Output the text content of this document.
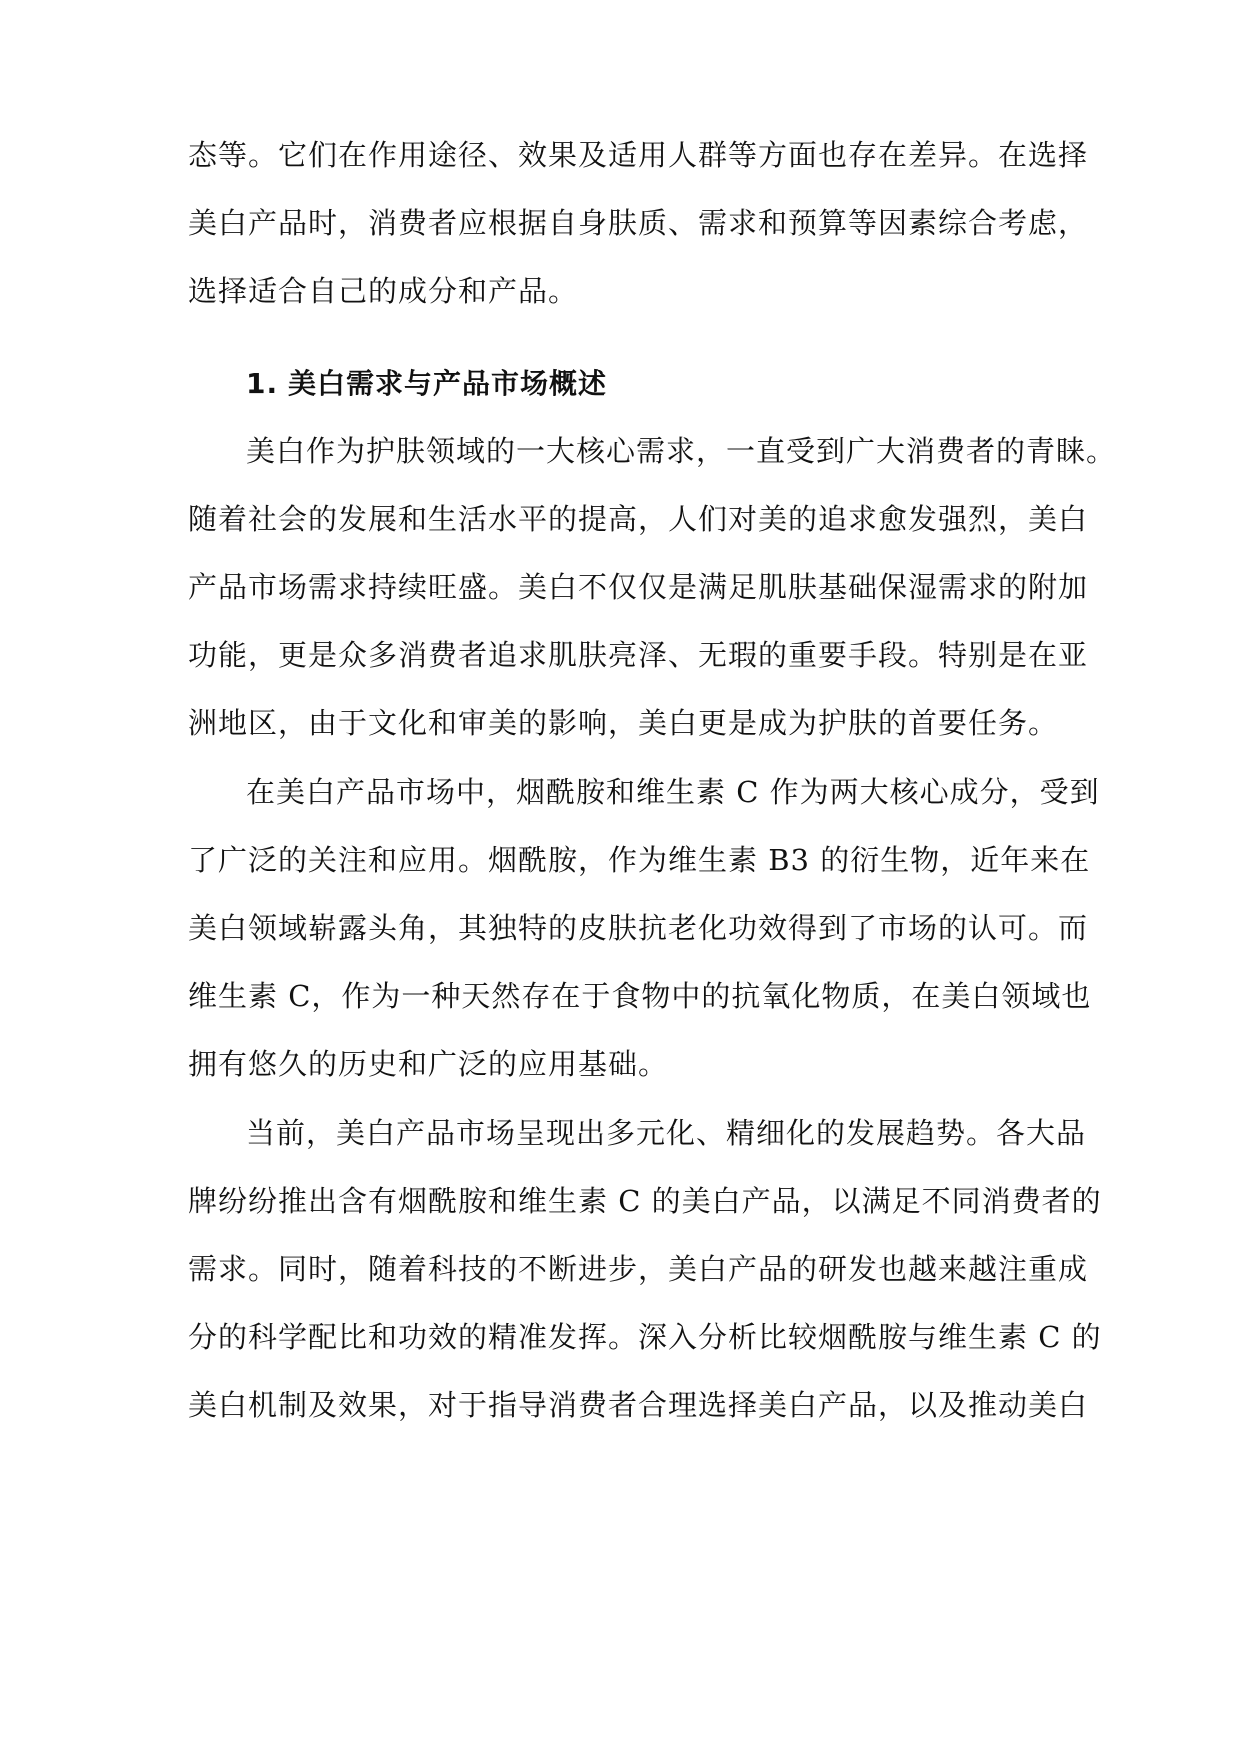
态等。它们在作用途径、效果及适用人群等方面也存在差异。在选择
美白产品时，消费者应根据自身肤质、需求和预算等因素综合考虑，
选择适合自己的成分和产品。
1. 美白需求与产品市场概述
美白作为护肤领域的一大核心需求，一直受到广大消费者的青睐。
随着社会的发展和生活水平的提高，人们对美的追求愈发强烈，美白
产品市场需求持续旺盛。美白不仅仅是满足肌肤基础保湿需求的附加
功能，更是众多消费者追求肌肤亮泽、无瑕的重要手段。特别是在亚
洲地区，由于文化和审美的影响，美白更是成为护肤的首要任务。
在美白产品市场中，烟酰胺和维生素 C 作为两大核心成分，受到
了广泛的关注和应用。烟酰胺，作为维生素 B3 的衍生物，近年来在
美白领域崭露头角，其独特的皮肤抗老化功效得到了市场的认可。而
维生素 C，作为一种天然存在于食物中的抗氧化物质，在美白领域也
拥有悠久的历史和广泛的应用基础。
当前，美白产品市场呈现出多元化、精细化的发展趋势。各大品
牌纷纷推出含有烟酰胺和维生素 C 的美白产品，以满足不同消费者的
需求。同时，随着科技的不断进步，美白产品的研发也越来越注重成
分的科学配比和功效的精准发挥。深入分析比较烟酰胺与维生素 C 的
美白机制及效果，对于指导消费者合理选择美白产品，以及推动美白
